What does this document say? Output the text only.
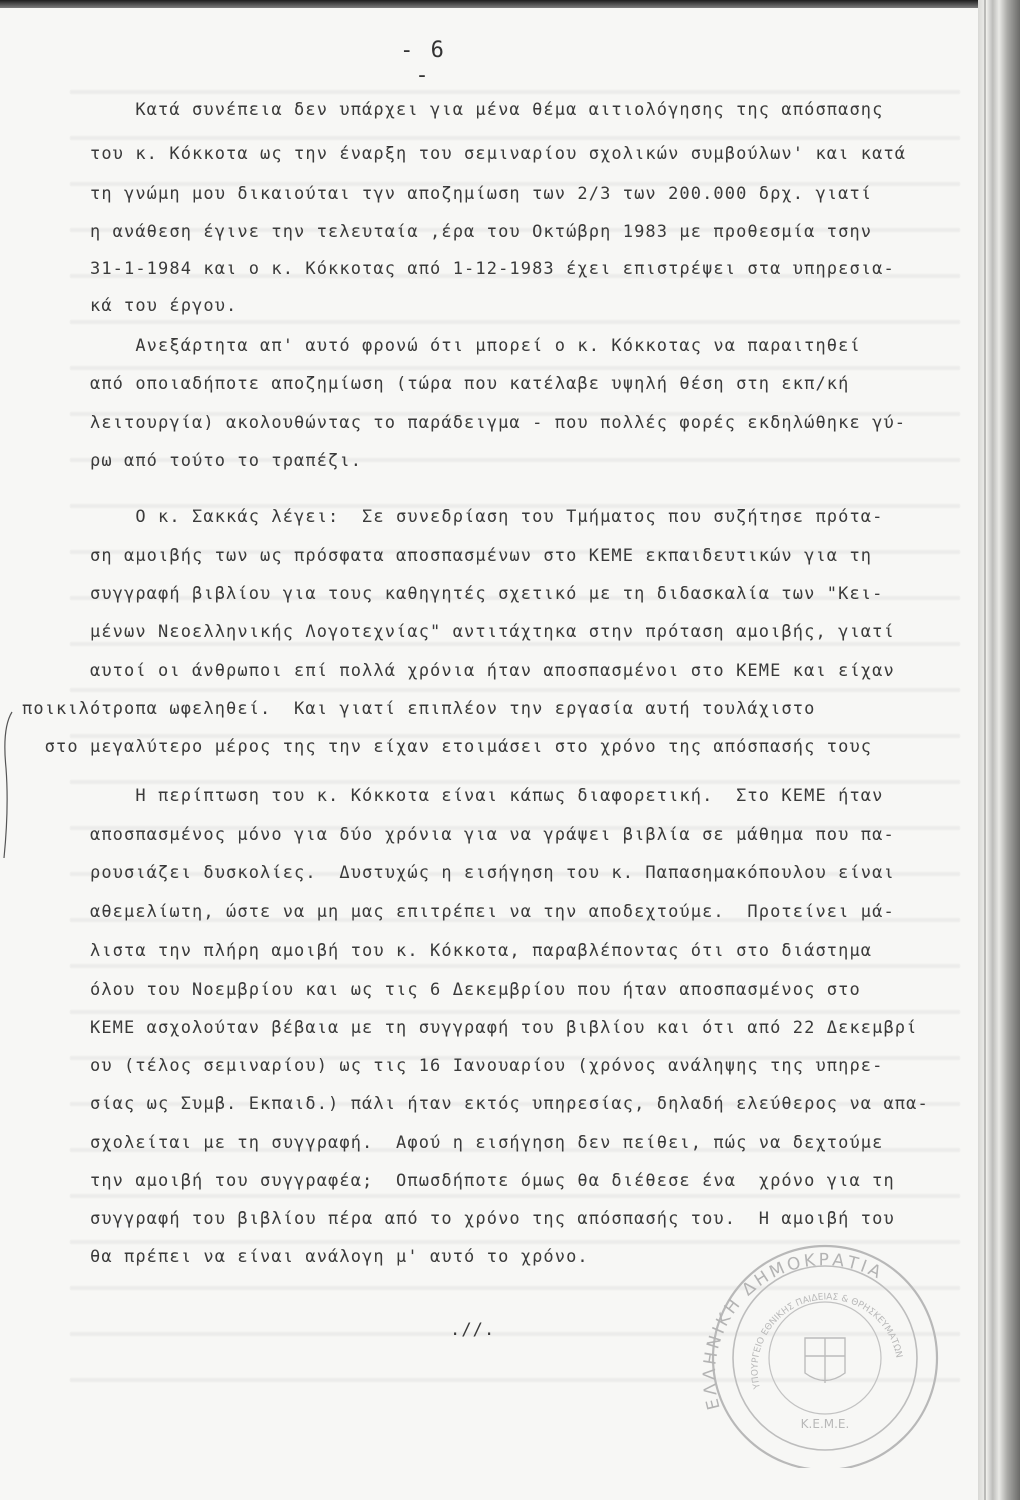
- 6 -
Κατά συνέπεια δεν υπάρχει για μένα θέμα αιτιολόγησης της απόσπασης
του κ. Κόκκοτα ως την έναρξη του σεμιναρίου σχολικών συμβούλων' και κατά
τη γνώμη μου δικαιούται τγν αποζημίωση των 2/3 των 200.000 δρχ. γιατί
η ανάθεση έγινε την τελευταία ,έρα του Οκτώβρη 1983 με προθεσμία τσην
31-1-1984 και ο κ. Κόκκοτας από 1-12-1983 έχει επιστρέψει στα υπηρεσια-
κά του έργου.
Ανεξάρτητα απ' αυτό φρονώ ότι μπορεί ο κ. Κόκκοτας να παραιτηθεί
από οποιαδήποτε αποζημίωση (τώρα που κατέλαβε υψηλή θέση στη εκπ/κή
λειτουργία) ακολουθώντας το παράδειγμα - που πολλές φορές εκδηλώθηκε γύ-
ρω από τούτο το τραπέζι.
Ο κ. Σακκάς λέγει:  Σε συνεδρίαση του Τμήματος που συζήτησε πρότα-
ση αμοιβής των ως πρόσφατα αποσπασμένων στο ΚΕΜΕ εκπαιδευτικών για τη
συγγραφή βιβλίου για τους καθηγητές σχετικό με τη διδασκαλία των "Κει-
μένων Νεοελληνικής Λογοτεχνίας" αντιτάχτηκα στην πρόταση αμοιβής, γιατί
αυτοί οι άνθρωποι επί πολλά χρόνια ήταν αποσπασμένοι στο ΚΕΜΕ και είχαν
ποικιλότροπα ωφεληθεί.  Και γιατί επιπλέον την εργασία αυτή τουλάχιστο
στο μεγαλύτερο μέρος της την είχαν ετοιμάσει στο χρόνο της απόσπασής τους
Η περίπτωση του κ. Κόκκοτα είναι κάπως διαφορετική.  Στο ΚΕΜΕ ήταν
αποσπασμένος μόνο για δύο χρόνια για να γράψει βιβλία σε μάθημα που πα-
ρουσιάζει δυσκολίες.  Δυστυχώς η εισήγηση του κ. Παπασημακόπουλου είναι
αθεμελίωτη, ώστε να μη μας επιτρέπει να την αποδεχτούμε.  Προτείνει μά-
λιστα την πλήρη αμοιβή του κ. Κόκκοτα, παραβλέποντας ότι στο διάστημα
όλου του Νοεμβρίου και ως τις 6 Δεκεμβρίου που ήταν αποσπασμένος στο
ΚΕΜΕ ασχολούταν βέβαια με τη συγγραφή του βιβλίου και ότι από 22 Δεκεμβρί
ου (τέλος σεμιναρίου) ως τις 16 Ιανουαρίου (χρόνος ανάληψης της υπηρε-
σίας ως Συμβ. Εκπαιδ.) πάλι ήταν εκτός υπηρεσίας, δηλαδή ελεύθερος να απα-
σχολείται με τη συγγραφή.  Αφού η εισήγηση δεν πείθει, πώς να δεχτούμε
την αμοιβή του συγγραφέα;  Οπωσδήποτε όμως θα διέθεσε ένα  χρόνο για τη
συγγραφή του βιβλίου πέρα από το χρόνο της απόσπασής του.  Η αμοιβή του
θα πρέπει να είναι ανάλογη μ' αυτό το χρόνο.
.//.
ΕΛΛΗΝΙΚΗ ΔΗΜΟΚΡΑΤΙΑ
ΥΠΟΥΡΓΕΙΟ ΕΘΝΙΚΗΣ ΠΑΙΔΕΙΑΣ & ΘΡΗΣΚΕΥΜΑΤΩΝ
Κ.Ε.Μ.Ε.
